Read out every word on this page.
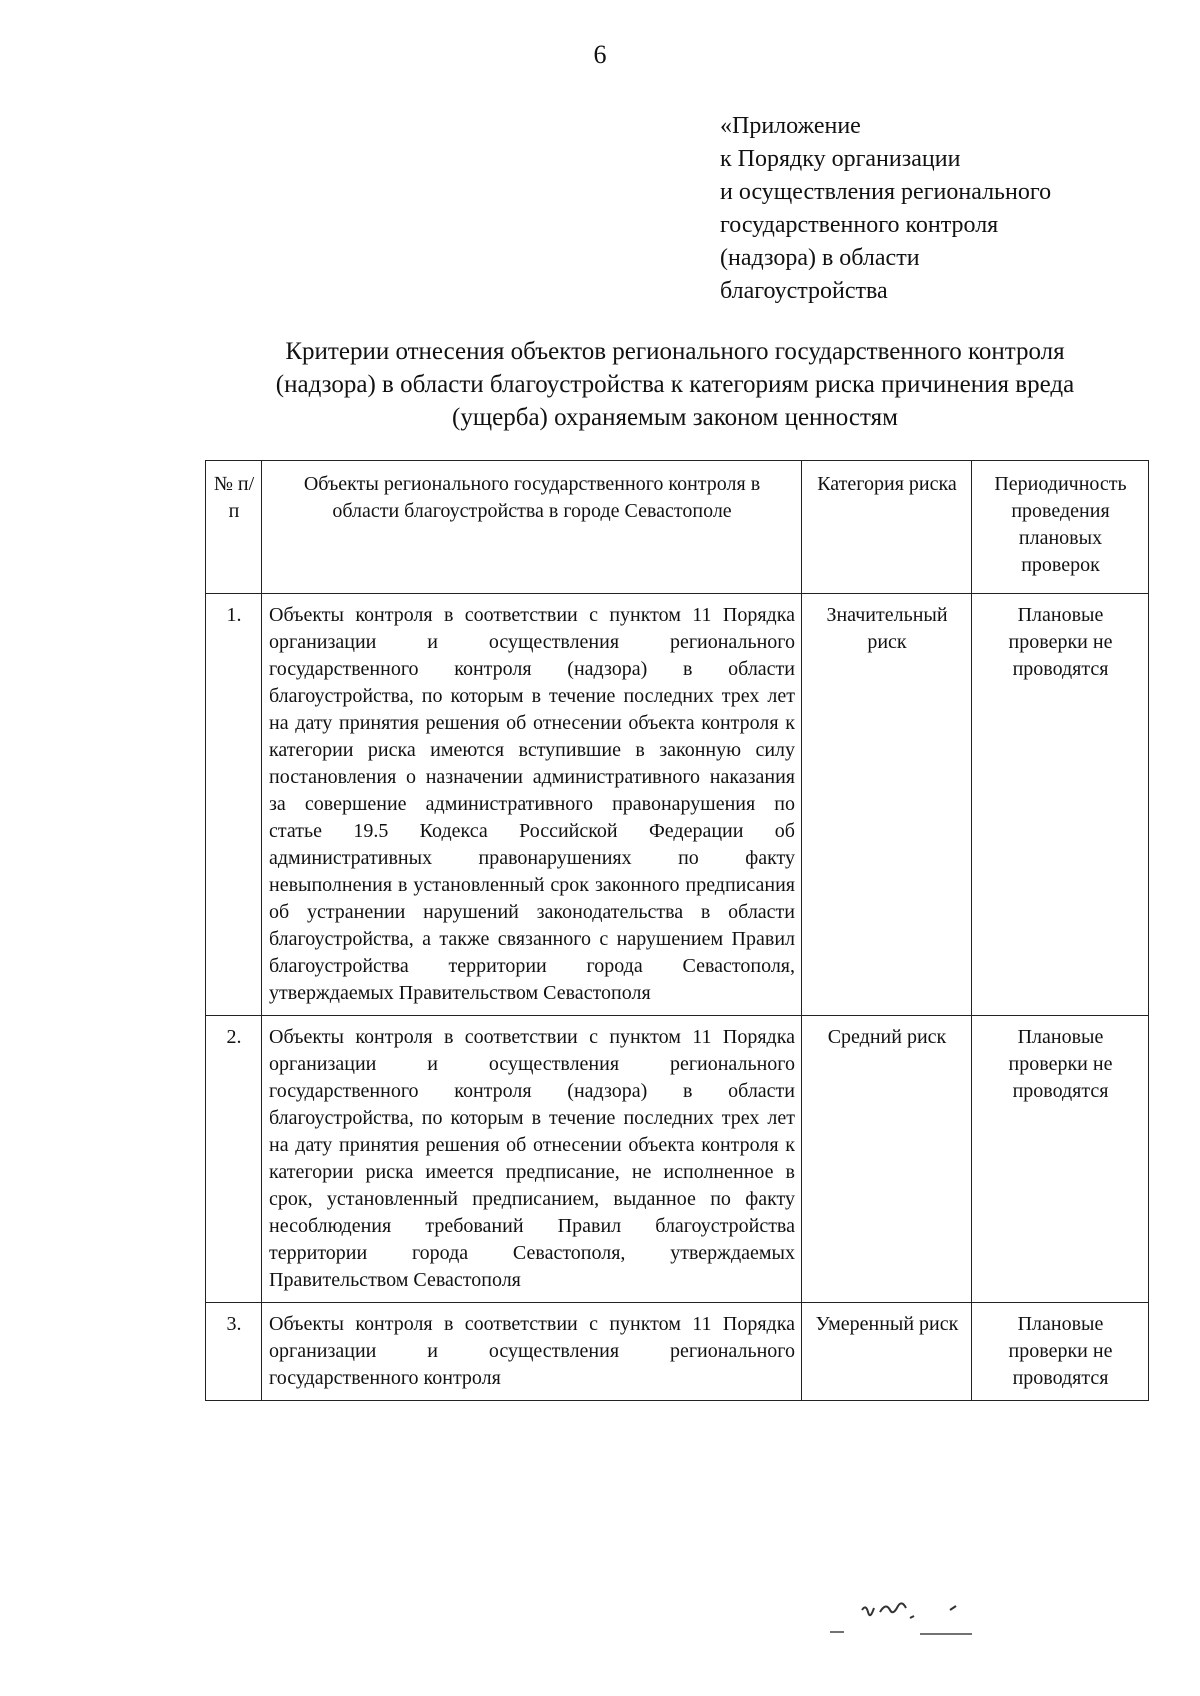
6
«Приложение
к Порядку организации
и осуществления регионального
государственного контроля
(надзора) в области
благоустройства
Критерии отнесения объектов регионального государственного контроля
(надзора) в области благоустройства к категориям риска причинения вреда
(ущерба) охраняемым законом ценностям
№ п/п	Объекты регионального государственного контроля в области благоустройства в городе Севастополе	Категория риска	Периодичность проведения плановых проверок
1.	Объекты контроля в соответствии с пунктом 11 Порядка организации и осуществления регионального государственного контроля (надзора) в области благоустройства, по которым в течение последних трех лет на дату принятия решения об отнесении объекта контроля к категории риска имеются вступившие в законную силу постановления о назначении административного наказания за совершение административного правонарушения по статье 19.5 Кодекса Российской Федерации об административных правонарушениях по факту невыполнения в установленный срок законного предписания об устранении нарушений законодательства в области благоустройства, а также связанного с нарушением Правил благоустройства территории города Севастополя, утверждаемых Правительством Севастополя	Значительный риск	Плановые проверки не проводятся
2.	Объекты контроля в соответствии с пунктом 11 Порядка организации и осуществления регионального государственного контроля (надзора) в области благоустройства, по которым в течение последних трех лет на дату принятия решения об отнесении объекта контроля к категории риска имеется предписание, не исполненное в срок, установленный предписанием, выданное по факту несоблюдения требований Правил благоустройства территории города Севастополя, утверждаемых Правительством Севастополя	Средний риск	Плановые проверки не проводятся
3.	Объекты контроля в соответствии с пунктом 11 Порядка организации и осуществления регионального государственного контроля	Умеренный риск	Плановые проверки не проводятся
